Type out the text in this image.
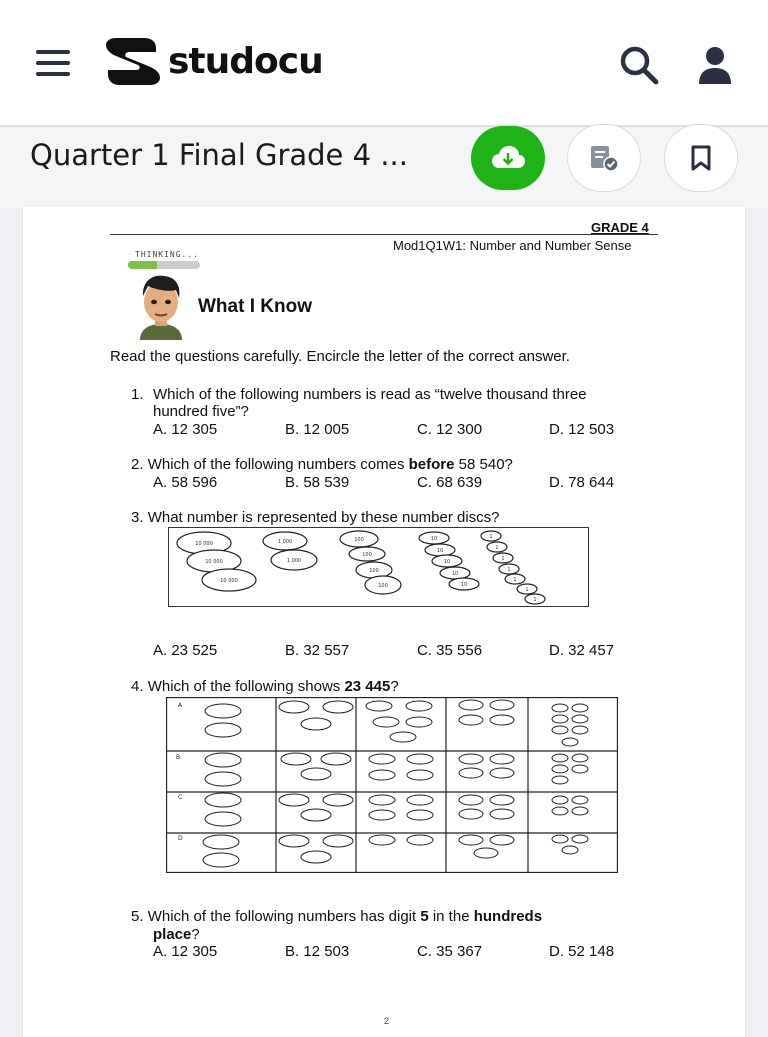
studocu
Quarter 1 Final Grade 4 ...
GRADE 4
Mod1Q1W1: Number and Number Sense
THINKING...
What I Know
Read the questions carefully. Encircle the letter of the correct answer.
1. Which of the following numbers is read as “twelve thousand three
hundred five”?
A. 12 305	B. 12 005	C. 12 300	D. 12 503
2. Which of the following numbers comes before 58 540?
A. 58 596	B. 58 539	C. 68 639	D. 78 644
3. What number is represented by these number discs?
10 000
10 000
10 000
1 000
1 000
100
100
100
100
10
10
10
10
10
1
1
1
1
1
1
1
A. 23 525	B. 32 557	C. 35 556	D. 32 457
4. Which of the following shows 23 445?
A
B
C
D
5. Which of the following numbers has digit 5 in the hundreds
place?
A. 12 305	B. 12 503	C. 35 367	D. 52 148
2
